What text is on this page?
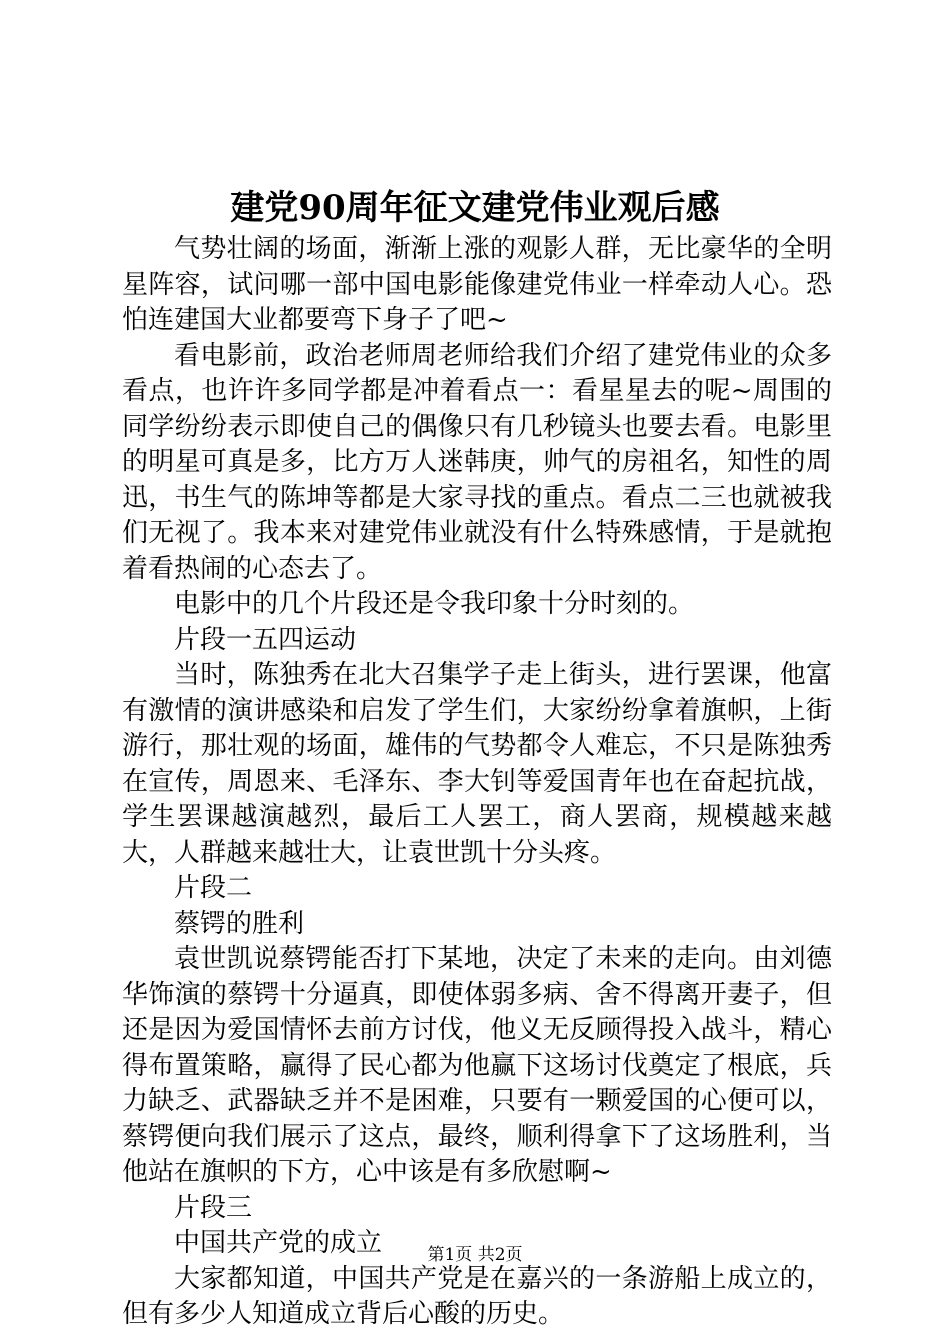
建党90周年征文建党伟业观后感

气势壮阔的场面，渐渐上涨的观影人群，无比豪华的全明星阵容，试问哪一部中国电影能像建党伟业一样牵动人心。恐怕连建国大业都要弯下身子了吧~

看电影前，政治老师周老师给我们介绍了建党伟业的众多看点，也许许多同学都是冲着看点一：看星星去的呢~周围的同学纷纷表示即使自己的偶像只有几秒镜头也要去看。电影里的明星可真是多，比方万人迷韩庚，帅气的房祖名，知性的周迅，书生气的陈坤等都是大家寻找的重点。看点二三也就被我们无视了。我本来对建党伟业就没有什么特殊感情，于是就抱着看热闹的心态去了。

电影中的几个片段还是令我印象十分时刻的。

片段一五四运动

当时，陈独秀在北大召集学子走上街头，进行罢课，他富有激情的演讲感染和启发了学生们，大家纷纷拿着旗帜，上街游行，那壮观的场面，雄伟的气势都令人难忘，不只是陈独秀在宣传，周恩来、毛泽东、李大钊等爱国青年也在奋起抗战，学生罢课越演越烈，最后工人罢工，商人罢商，规模越来越大，人群越来越壮大，让袁世凯十分头疼。

片段二

蔡锷的胜利

袁世凯说蔡锷能否打下某地，决定了未来的走向。由刘德华饰演的蔡锷十分逼真，即使体弱多病、舍不得离开妻子，但还是因为爱国情怀去前方讨伐，他义无反顾得投入战斗，精心得布置策略，赢得了民心都为他赢下这场讨伐奠定了根底，兵力缺乏、武器缺乏并不是困难，只要有一颗爱国的心便可以，蔡锷便向我们展示了这点，最终，顺利得拿下了这场胜利，当他站在旗帜的下方，心中该是有多欣慰啊~

片段三

中国共产党的成立

大家都知道，中国共产党是在嘉兴的一条游船上成立的，但有多少人知道成立背后心酸的历史。

第1页 共2页
